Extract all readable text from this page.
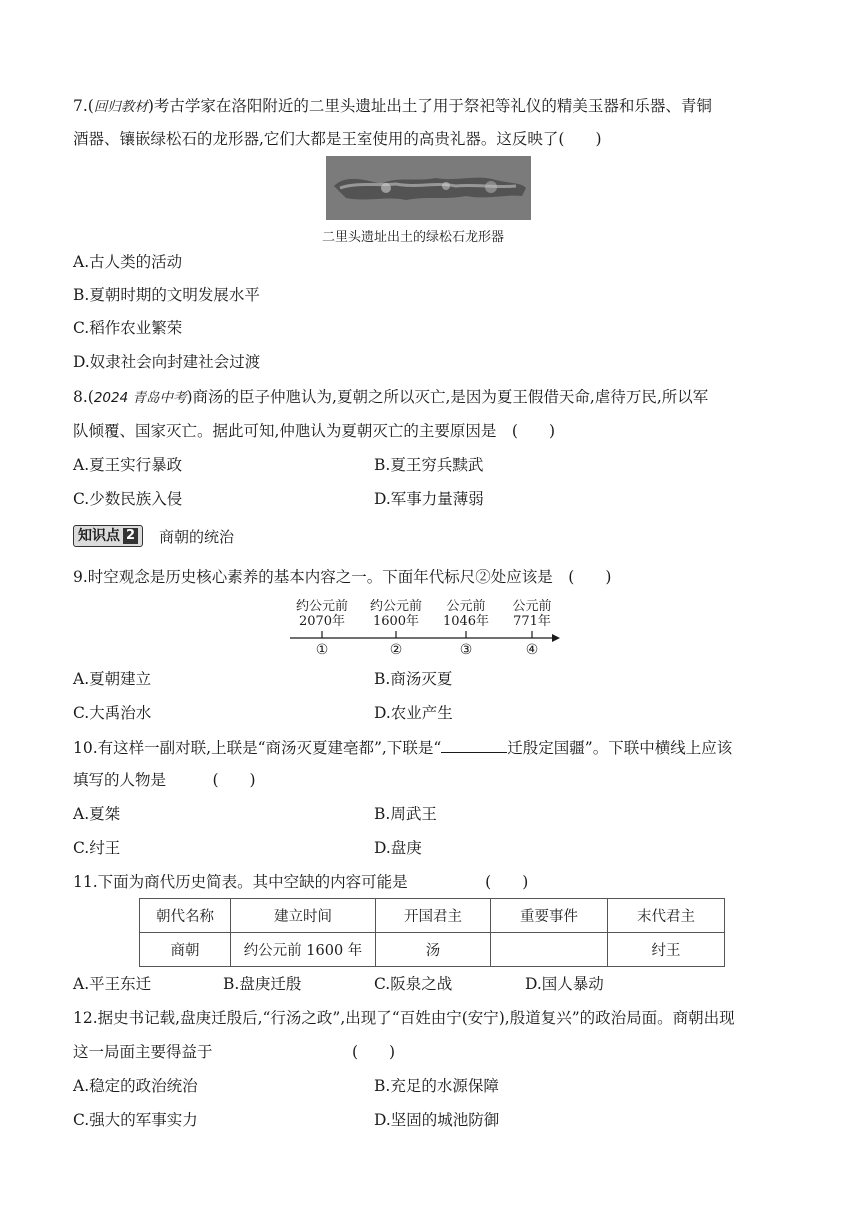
7.(回归教材)考古学家在洛阳附近的二里头遗址出土了用于祭祀等礼仪的精美玉器和乐器、青铜
酒器、镶嵌绿松石的龙形器,它们大都是王室使用的高贵礼器。这反映了(　　)
二里头遗址出土的绿松石龙形器
A.古人类的活动
B.夏朝时期的文明发展水平
C.稻作农业繁荣
D.奴隶社会向封建社会过渡
8.(2024 青岛中考)商汤的臣子仲虺认为,夏朝之所以灭亡,是因为夏王假借天命,虐待万民,所以军
队倾覆、国家灭亡。据此可知,仲虺认为夏朝灭亡的主要原因是　(　　)
A.夏王实行暴政	B.夏王穷兵黩武
C.少数民族入侵	D.军事力量薄弱
知识点 2 商朝的统治
9.时空观念是历史核心素养的基本内容之一。下面年代标尺②处应该是　(　　)
约公元前
2070年
约公元前
1600年
公元前
1046年
公元前
771年
①	②	③	④
A.夏朝建立	B.商汤灭夏
C.大禹治水	D.农业产生
10.有这样一副对联,上联是“商汤灭夏建亳都”,下联是“	迁殷定国疆”。下联中横线上应该
填写的人物是　　　(　　)
A.夏桀	B.周武王
C.纣王	D.盘庚
11.下面为商代历史简表。其中空缺的内容可能是　　　　　(　　)
朝代名称	建立时间	开国君主	重要事件	末代君主
商朝	约公元前 1600 年	汤		纣王
A.平王东迁	B.盘庚迁殷	C.阪泉之战	D.国人暴动
12.据史书记载,盘庚迁殷后,“行汤之政”,出现了“百姓由宁(安宁),殷道复兴”的政治局面。商朝出现
这一局面主要得益于　　　　　　　　　(　　)
A.稳定的政治统治	B.充足的水源保障
C.强大的军事实力	D.坚固的城池防御
